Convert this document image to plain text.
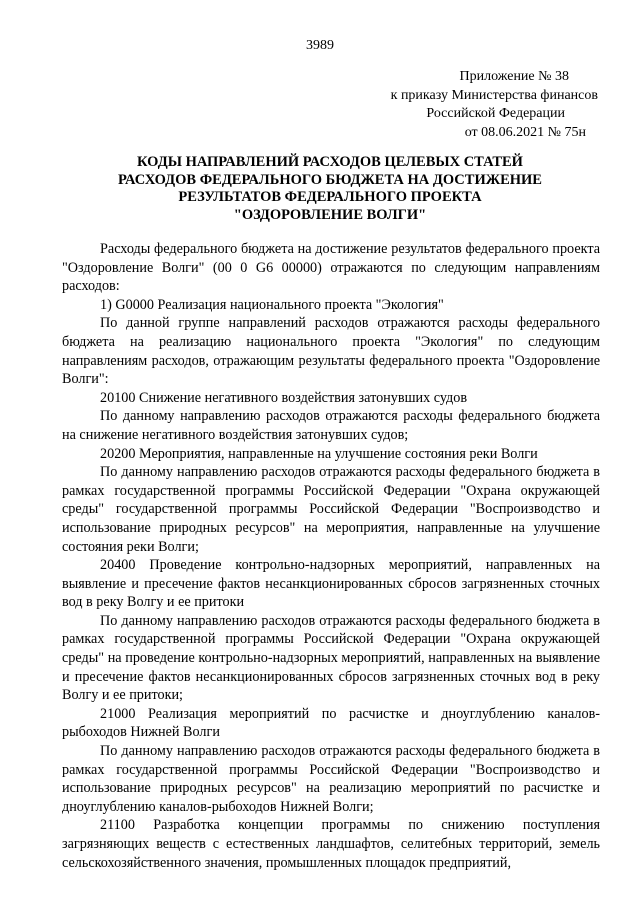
3989
Приложение № 38
к приказу Министерства финансов
Российской Федерации
от 08.06.2021 № 75н
КОДЫ НАПРАВЛЕНИЙ РАСХОДОВ ЦЕЛЕВЫХ СТАТЕЙ
РАСХОДОВ ФЕДЕРАЛЬНОГО БЮДЖЕТА НА ДОСТИЖЕНИЕ
РЕЗУЛЬТАТОВ ФЕДЕРАЛЬНОГО ПРОЕКТА
"ОЗДОРОВЛЕНИЕ ВОЛГИ"

Расходы федерального бюджета на достижение результатов федерального проекта "Оздоровление Волги" (00 0 G6 00000) отражаются по следующим направлениям расходов:

1) G0000 Реализация национального проекта "Экология"

По данной группе направлений расходов отражаются расходы федерального бюджета на реализацию национального проекта "Экология" по следующим направлениям расходов, отражающим результаты федерального проекта "Оздоровление Волги":

20100 Снижение негативного воздействия затонувших судов

По данному направлению расходов отражаются расходы федерального бюджета на снижение негативного воздействия затонувших судов;

20200 Мероприятия, направленные на улучшение состояния реки Волги

По данному направлению расходов отражаются расходы федерального бюджета в рамках государственной программы Российской Федерации "Охрана окружающей среды" государственной программы Российской Федерации "Воспроизводство и использование природных ресурсов" на мероприятия, направленные на улучшение состояния реки Волги;

20400 Проведение контрольно-надзорных мероприятий, направленных на выявление и пресечение фактов несанкционированных сбросов загрязненных сточных вод в реку Волгу и ее притоки

По данному направлению расходов отражаются расходы федерального бюджета в рамках государственной программы Российской Федерации "Охрана окружающей среды" на проведение контрольно-надзорных мероприятий, направленных на выявление и пресечение фактов несанкционированных сбросов загрязненных сточных вод в реку Волгу и ее притоки;

21000 Реализация мероприятий по расчистке и дноуглублению каналов-рыбоходов Нижней Волги

По данному направлению расходов отражаются расходы федерального бюджета в рамках государственной программы Российской Федерации "Воспроизводство и использование природных ресурсов" на реализацию мероприятий по расчистке и дноуглублению каналов-рыбоходов Нижней Волги;

21100 Разработка концепции программы по снижению поступления загрязняющих веществ с естественных ландшафтов, селитебных территорий, земель сельскохозяйственного значения, промышленных площадок предприятий,
